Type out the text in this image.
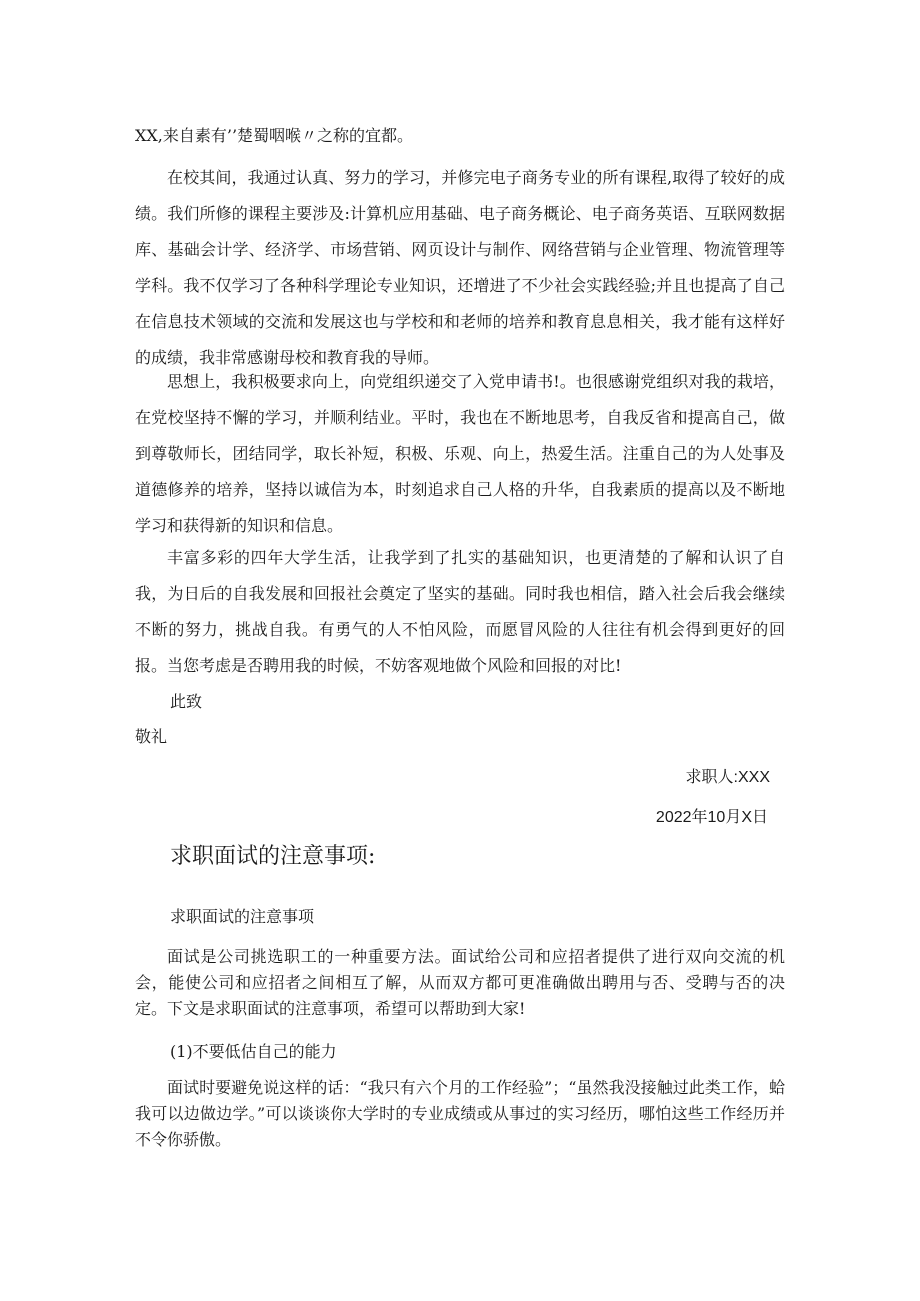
XX,来自素有’’楚蜀咽喉〃之称的宜都。

在校其间，我通过认真、努力的学习，并修完电子商务专业的所有课程,取得了较好的成绩。我们所修的课程主要涉及:计算机应用基础、电子商务概论、电子商务英语、互联网数据库、基础会计学、经济学、市场营销、网页设计与制作、网络营销与企业管理、物流管理等学科。我不仅学习了各种科学理论专业知识，还增进了不少社会实践经验;并且也提高了自己在信息技术领域的交流和发展这也与学校和和老师的培养和教育息息相关，我才能有这样好的成绩，我非常感谢母校和教育我的导师。

思想上，我积极要求向上，向党组织递交了入党申请书!。也很感谢党组织对我的栽培，在党校坚持不懈的学习，并顺利结业。平时，我也在不断地思考，自我反省和提高自己，做到尊敬师长，团结同学，取长补短，积极、乐观、向上，热爱生活。注重自己的为人处事及道德修养的培养，坚持以诚信为本，时刻追求自己人格的升华，自我素质的提高以及不断地学习和获得新的知识和信息。

丰富多彩的四年大学生活，让我学到了扎实的基础知识，也更清楚的了解和认识了自我，为日后的自我发展和回报社会奠定了坚实的基础。同时我也相信，踏入社会后我会继续不断的努力，挑战自我。有勇气的人不怕风险，而愿冒风险的人往往有机会得到更好的回报。当您考虑是否聘用我的时候，不妨客观地做个风险和回报的对比!

此致

敬礼

求职人:XXX

2022年10月X日

求职面试的注意事项:

求职面试的注意事项

面试是公司挑选职工的一种重要方法。面试给公司和应招者提供了进行双向交流的机会，能使公司和应招者之间相互了解，从而双方都可更准确做出聘用与否、受聘与否的决定。下文是求职面试的注意事项，希望可以帮助到大家!

(1)不要低估自己的能力

面试时要避免说这样的话：“我只有六个月的工作经验”；“虽然我没接触过此类工作，蛤我可以边做边学。”可以谈谈你大学时的专业成绩或从事过的实习经历，哪怕这些工作经历并不令你骄傲。
